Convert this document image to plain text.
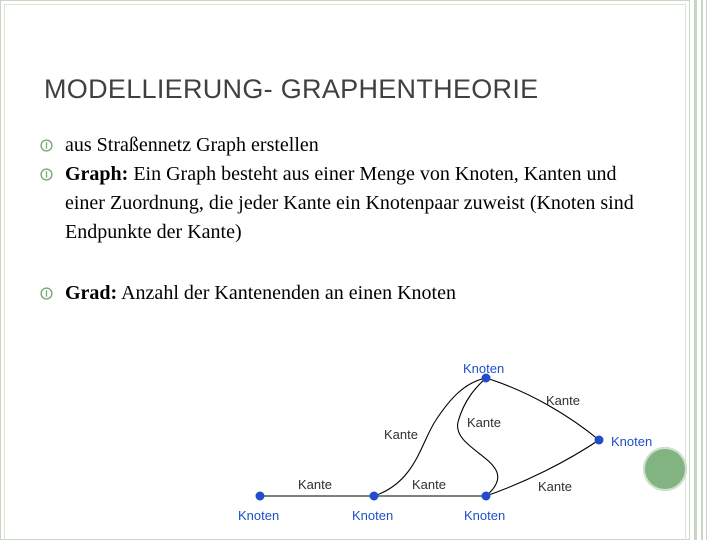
MODELLIERUNG- GRAPHENTHEORIE

aus Straßennetz Graph erstellen

Graph: Ein Graph besteht aus einer Menge von Knoten, Kanten und einer Zuordnung, die jeder Kante ein Knotenpaar zuweist (Knoten sind Endpunkte der Kante)

Grad: Anzahl der Kantenenden an einen Knoten

Knoten	Knoten	Knoten
Knoten
Knoten
Kante	Kante
Kante
Kante
Kante
Kante
